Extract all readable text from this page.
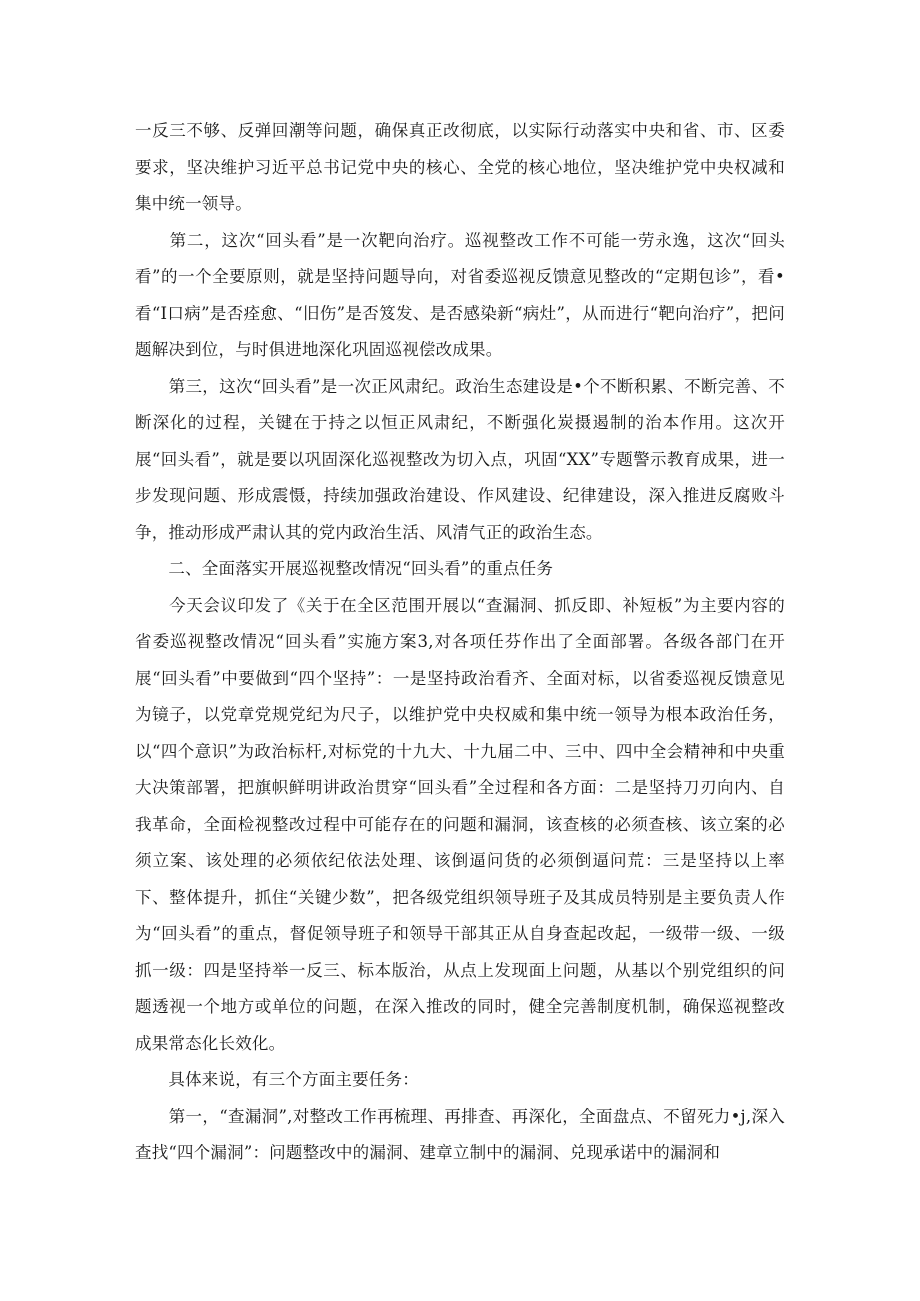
一反三不够、反弹回潮等问题，确保真正改彻底，以实际行动落实中央和省、市、区委要求，坚决维护习近平总书记党中央的核心、全党的核心地位，坚决维护党中央权减和集中统一领导。

　　第二，这次“回头看”是一次靶向治疗。巡视整改工作不可能一劳永逸，这次“回头看”的一个全要原则，就是坚持问题导向，对省委巡视反馈意见整改的“定期包诊”，看•看“I口病”是否痊愈、“旧伤”是否笈发、是否感染新“病灶”，从而进行“靶向治疗”，把问题解决到位，与时俱进地深化巩固巡视偿改成果。

　　第三，这次“回头看”是一次正风肃纪。政治生态建设是•个不断积累、不断完善、不断深化的过程，关键在于持之以恒正风肃纪，不断强化炭摄遏制的治本作用。这次开展“回头看”，就是要以巩固深化巡视整改为切入点，巩固“XX”专题警示教育成果，进一步发现问题、形成震慑，持续加强政治建设、作风建设、纪律建设，深入推进反腐败斗争，推动形成严肃认其的党内政治生活、风清气正的政治生态。

　　二、全面落实开展巡视整改情况“回头看”的重点任务

　　今天会议印发了《关于在全区范围开展以“查漏洞、抓反即、补短板”为主要内容的省委巡视整改情况“回头看”实施方案3,对各项任芬作出了全面部署。各级各部门在开展“回头看”中要做到“四个坚持”：一是坚持政治看齐、全面对标，以省委巡视反馈意见为镜子，以党章党规党纪为尺子，以维护党中央权威和集中统一领导为根本政治任务，以“四个意识”为政治标杆,对标党的十九大、十九届二中、三中、四中全会精神和中央重大决策部署，把旗帜鲜明讲政治贯穿“回头看”全过程和各方面：二是坚持刀刃向内、自我革命，全面检视整改过程中可能存在的问题和漏洞，该查核的必须查核、该立案的必须立案、该处理的必须依纪依法处理、该倒逼问货的必须倒逼问荒：三是坚持以上率下、整体提升，抓住“关键少数”，把各级党组织领导班子及其成员特别是主要负责人作为“回头看”的重点，督促领导班子和领导干部其正从自身查起改起，一级带一级、一级抓一级：四是坚持举一反三、标本版治，从点上发现面上问题，从基以个别党组织的问题透视一个地方或单位的问题，在深入推改的同时，健全完善制度机制，确保巡视整改成果常态化长效化。

　　具体来说，有三个方面主要任务：

　　第一，“查漏洞”,对整改工作再梳理、再排查、再深化，全面盘点、不留死力•j,深入查找“四个漏洞”：问题整改中的漏洞、建章立制中的漏洞、兑现承诺中的漏洞和
